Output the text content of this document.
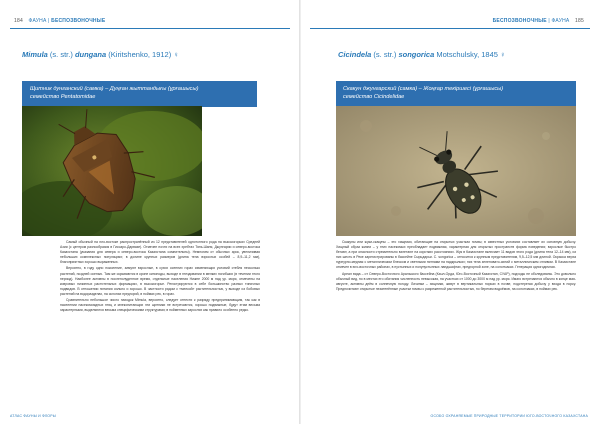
184 ФАУНА | БЕСПОЗВОНОЧНЫЕ
Mimula (s. str.) dungana (Kiritshenko, 1912) ♀
Щитник дунганский (самка) – Дуңған жыттандығы (ұрғашысы)
семейство Pentatomidae

Самый обычный на юго-востоке распространённый из 12 представителей однотонного рода на высокогорьях Средней Азии (с центром разнообразия в Гиссаро-Дарвазе). Отмечен почти на всех хребтах Тянь-Шаня, Джунгарии и северо-востока Казахстана (указания для севера и северо-востока Казахстана сомнительны). Немногим от обычных арок, увеличивая небольших комплексных популяциях; в долине крупных размеров (длина тела взрослых особей – 8,9–11,2 мм), благоприятных хорошо выраженных.

Вероятно, в году одно поколение, зимуют взрослые, в сухих осенних горах изменяющих условий стебля несколько растений, поздней осенью. Там же скрываются в кроне кипоподы, выходе в гнездовании в мелких погибших (в течении этого период). Наиболее активны в послеполуденное время, отдельные населения Нижне 2000 м над ур. моря, отмечены на ковровых низинных растительных формациях, в высокогорье. Регистрируются в себе большинство разных типичных подвидов. В отношении питания сильно и хорошо. В частности рядом с «мелкой» растительностью, у выходе из бобовых растений на водоразделах, на склонах предгорий, в поймах рек, в горах.

Сравнительно небольшое число находок Mimula, вероятно, следует отнести к разряду предпринимающим, так как в населении насекомоядных птиц и млекопитающих эти щитники не встречаются, хорошо подвижные, будут этим весьма характерными, выделяются весьма специфическими структурами; в пойменных зарослях как правило особенно редко.

АТЛАС ФАУНЫ И ФЛОРЫ
БЕСПОЗВОНОЧНЫЕ | ФАУНА 185
Cicindela (s. str.) songorica Motschulsky, 1845 ♀
Скакун джунгарский (самка) – Жоңғар текіршесі (ұрғашысы)
семейство Cicindelidae

Скакуны или жуки-скакуны – это хищники, обитающие на открытых участках почвы; в известных условиях составляет их основную добычу. Хищный образ жизни – у этих насекомых преобладает подвижная, характерная для открытых пространств форма поведения; взрослые быстро бегают, а при опасности стремительно взлетают на коротких расстояниях. Жук в Казахстане включает 11 видов этого рода (длина тела 12–14 мм), из них шесть в Реке зарегистрированы в бассейне Сырьдарьи. C. songorica – относится к крупным представителям, 9,5–12,5 мм длиной. Окраска верха пурпурно-медная с металлическим блеском и светлыми пятнами на надкрыльях; низ тела зеленовато-синий с металлическим отливом. В Казахстане отмечен в юго-восточных районах, в пустынных и полупустынных ландшафтах, предгорной зоне, на солончаках. Генерация одногодичная.

Ареал вида – от Северо-Восточного Аральского бассейна (Кзыл-Орда, Юго-Восточный Казахстан, СУАР), подходы не обследованы. Это довольно обычный вид, но в местах его обитания численность невысокая, на участках от 1000 до 3000 м над ур. моря. Имаго встречаются обычно в конце мая-августе, активны днём в солнечную погоду. Личинки – хищники, живут в вертикальных норках в почве, подстерегая добычу у входа в норку. Предпочитают открытые незатенённые участки почвы с разреженной растительностью, по берегам водоёмов, на солончаках, в поймах рек.

ОСОБО ОХРАНЯЕМЫЕ ПРИРОДНЫЕ ТЕРРИТОРИИ ЮГО-ВОСТОЧНОГО КАЗАХСТАНА
